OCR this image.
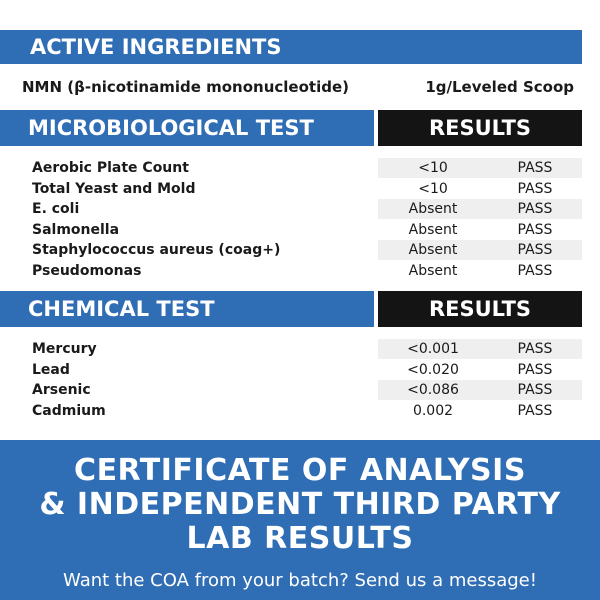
ACTIVE INGREDIENTS
NMN (β-nicotinamide mononucleotide)	1g/Leveled Scoop
MICROBIOLOGICAL TEST	RESULTS
Aerobic Plate Count	<10	PASS
Total Yeast and Mold	<10	PASS
E. coli	Absent	PASS
Salmonella	Absent	PASS
Staphylococcus aureus (coag+)	Absent	PASS
Pseudomonas	Absent	PASS
CHEMICAL TEST	RESULTS
Mercury	<0.001	PASS
Lead	<0.020	PASS
Arsenic	<0.086	PASS
Cadmium	0.002	PASS
CERTIFICATE OF ANALYSIS
& INDEPENDENT THIRD PARTY
LAB RESULTS
Want the COA from your batch? Send us a message!
